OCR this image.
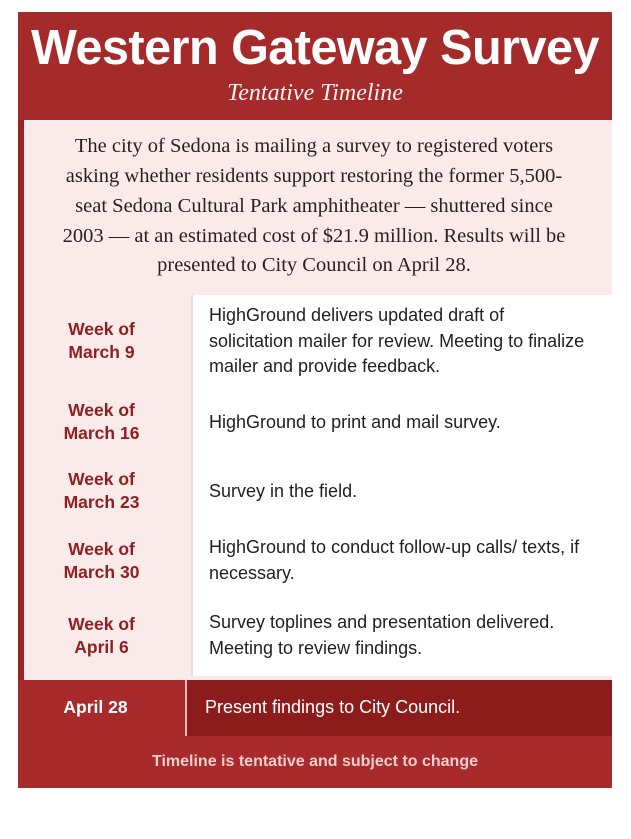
Western Gateway Survey
Tentative Timeline

The city of Sedona is mailing a survey to registered voters asking whether residents support restoring the former 5,500-seat Sedona Cultural Park amphitheater — shuttered since 2003 — at an estimated cost of $21.9 million. Results will be presented to City Council on April 28.

Week of
March 9
HighGround delivers updated draft of solicitation mailer for review. Meeting to finalize mailer and provide feedback.
Week of
March 16
HighGround to print and mail survey.
Week of
March 23
Survey in the field.
Week of
March 30
HighGround to conduct follow-up calls/ texts, if necessary.
Week of
April 6
Survey toplines and presentation delivered. Meeting to review findings.
April 28	Present findings to City Council.
Timeline is tentative and subject to change
